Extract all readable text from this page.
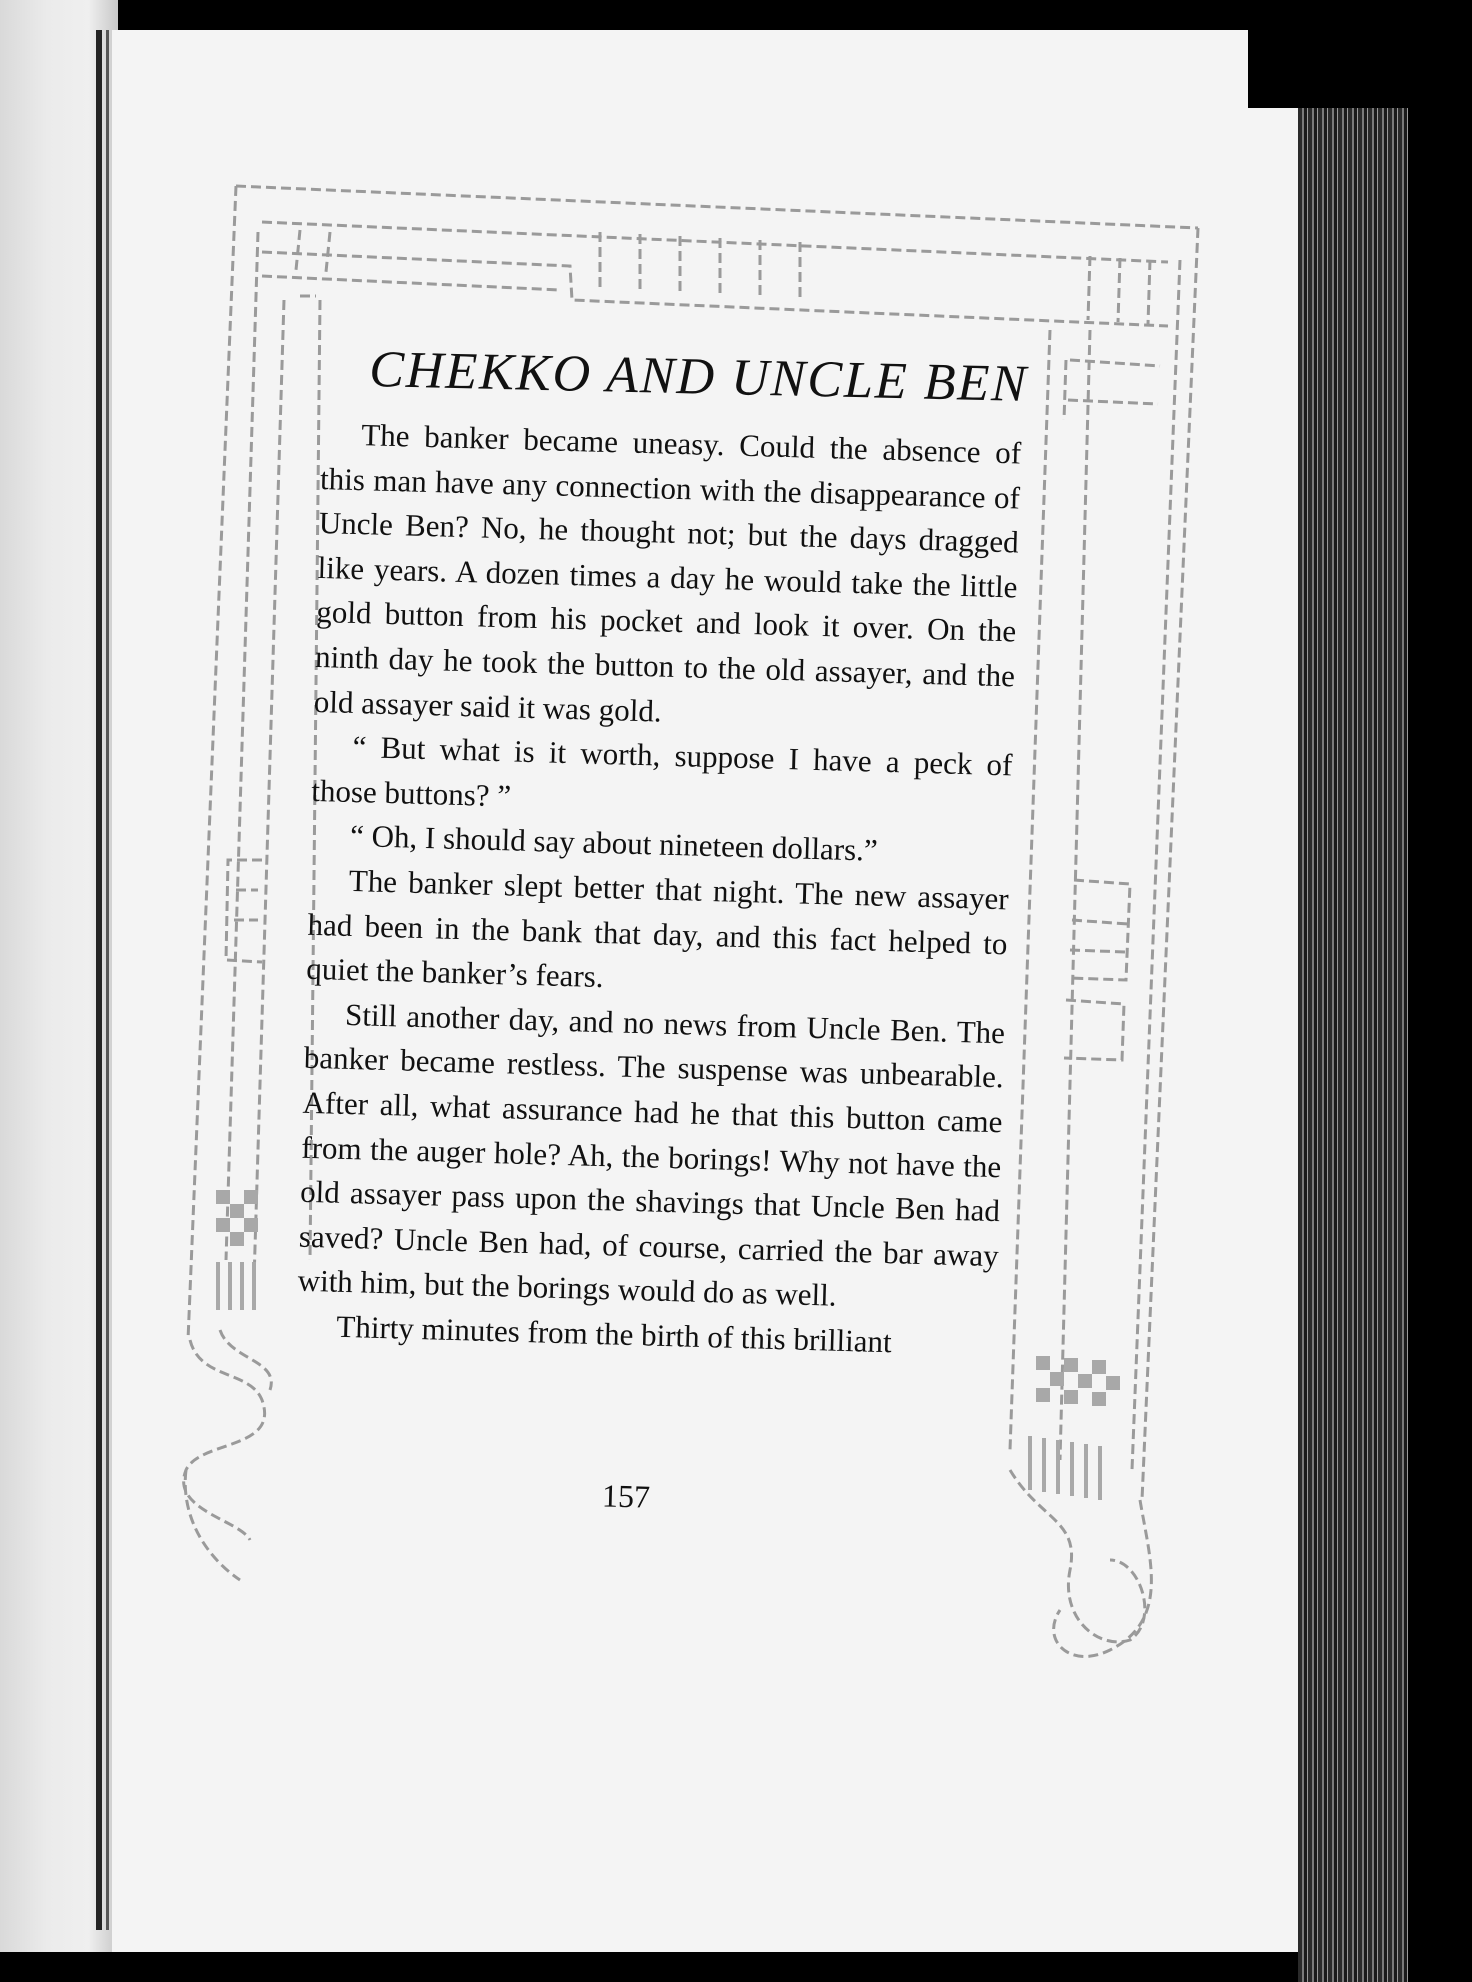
CHEKKO AND UNCLE BEN

The banker became uneasy. Could the absence of this man have any connection with the disappearance of Uncle Ben? No, he thought not; but the days dragged like years. A dozen times a day he would take the little gold button from his pocket and look it over. On the ninth day he took the button to the old assayer, and the old assayer said it was gold.

“ But what is it worth, suppose I have a peck of those buttons? ”

“ Oh, I should say about nineteen dollars.”

The banker slept better that night. The new assayer had been in the bank that day, and this fact helped to quiet the banker’s fears.

Still another day, and no news from Uncle Ben. The banker became restless. The suspense was unbearable. After all, what assurance had he that this button came from the auger hole? Ah, the borings! Why not have the old assayer pass upon the shavings that Uncle Ben had saved? Uncle Ben had, of course, carried the bar away with him, but the borings would do as well.

Thirty minutes from the birth of this brilliant

157
